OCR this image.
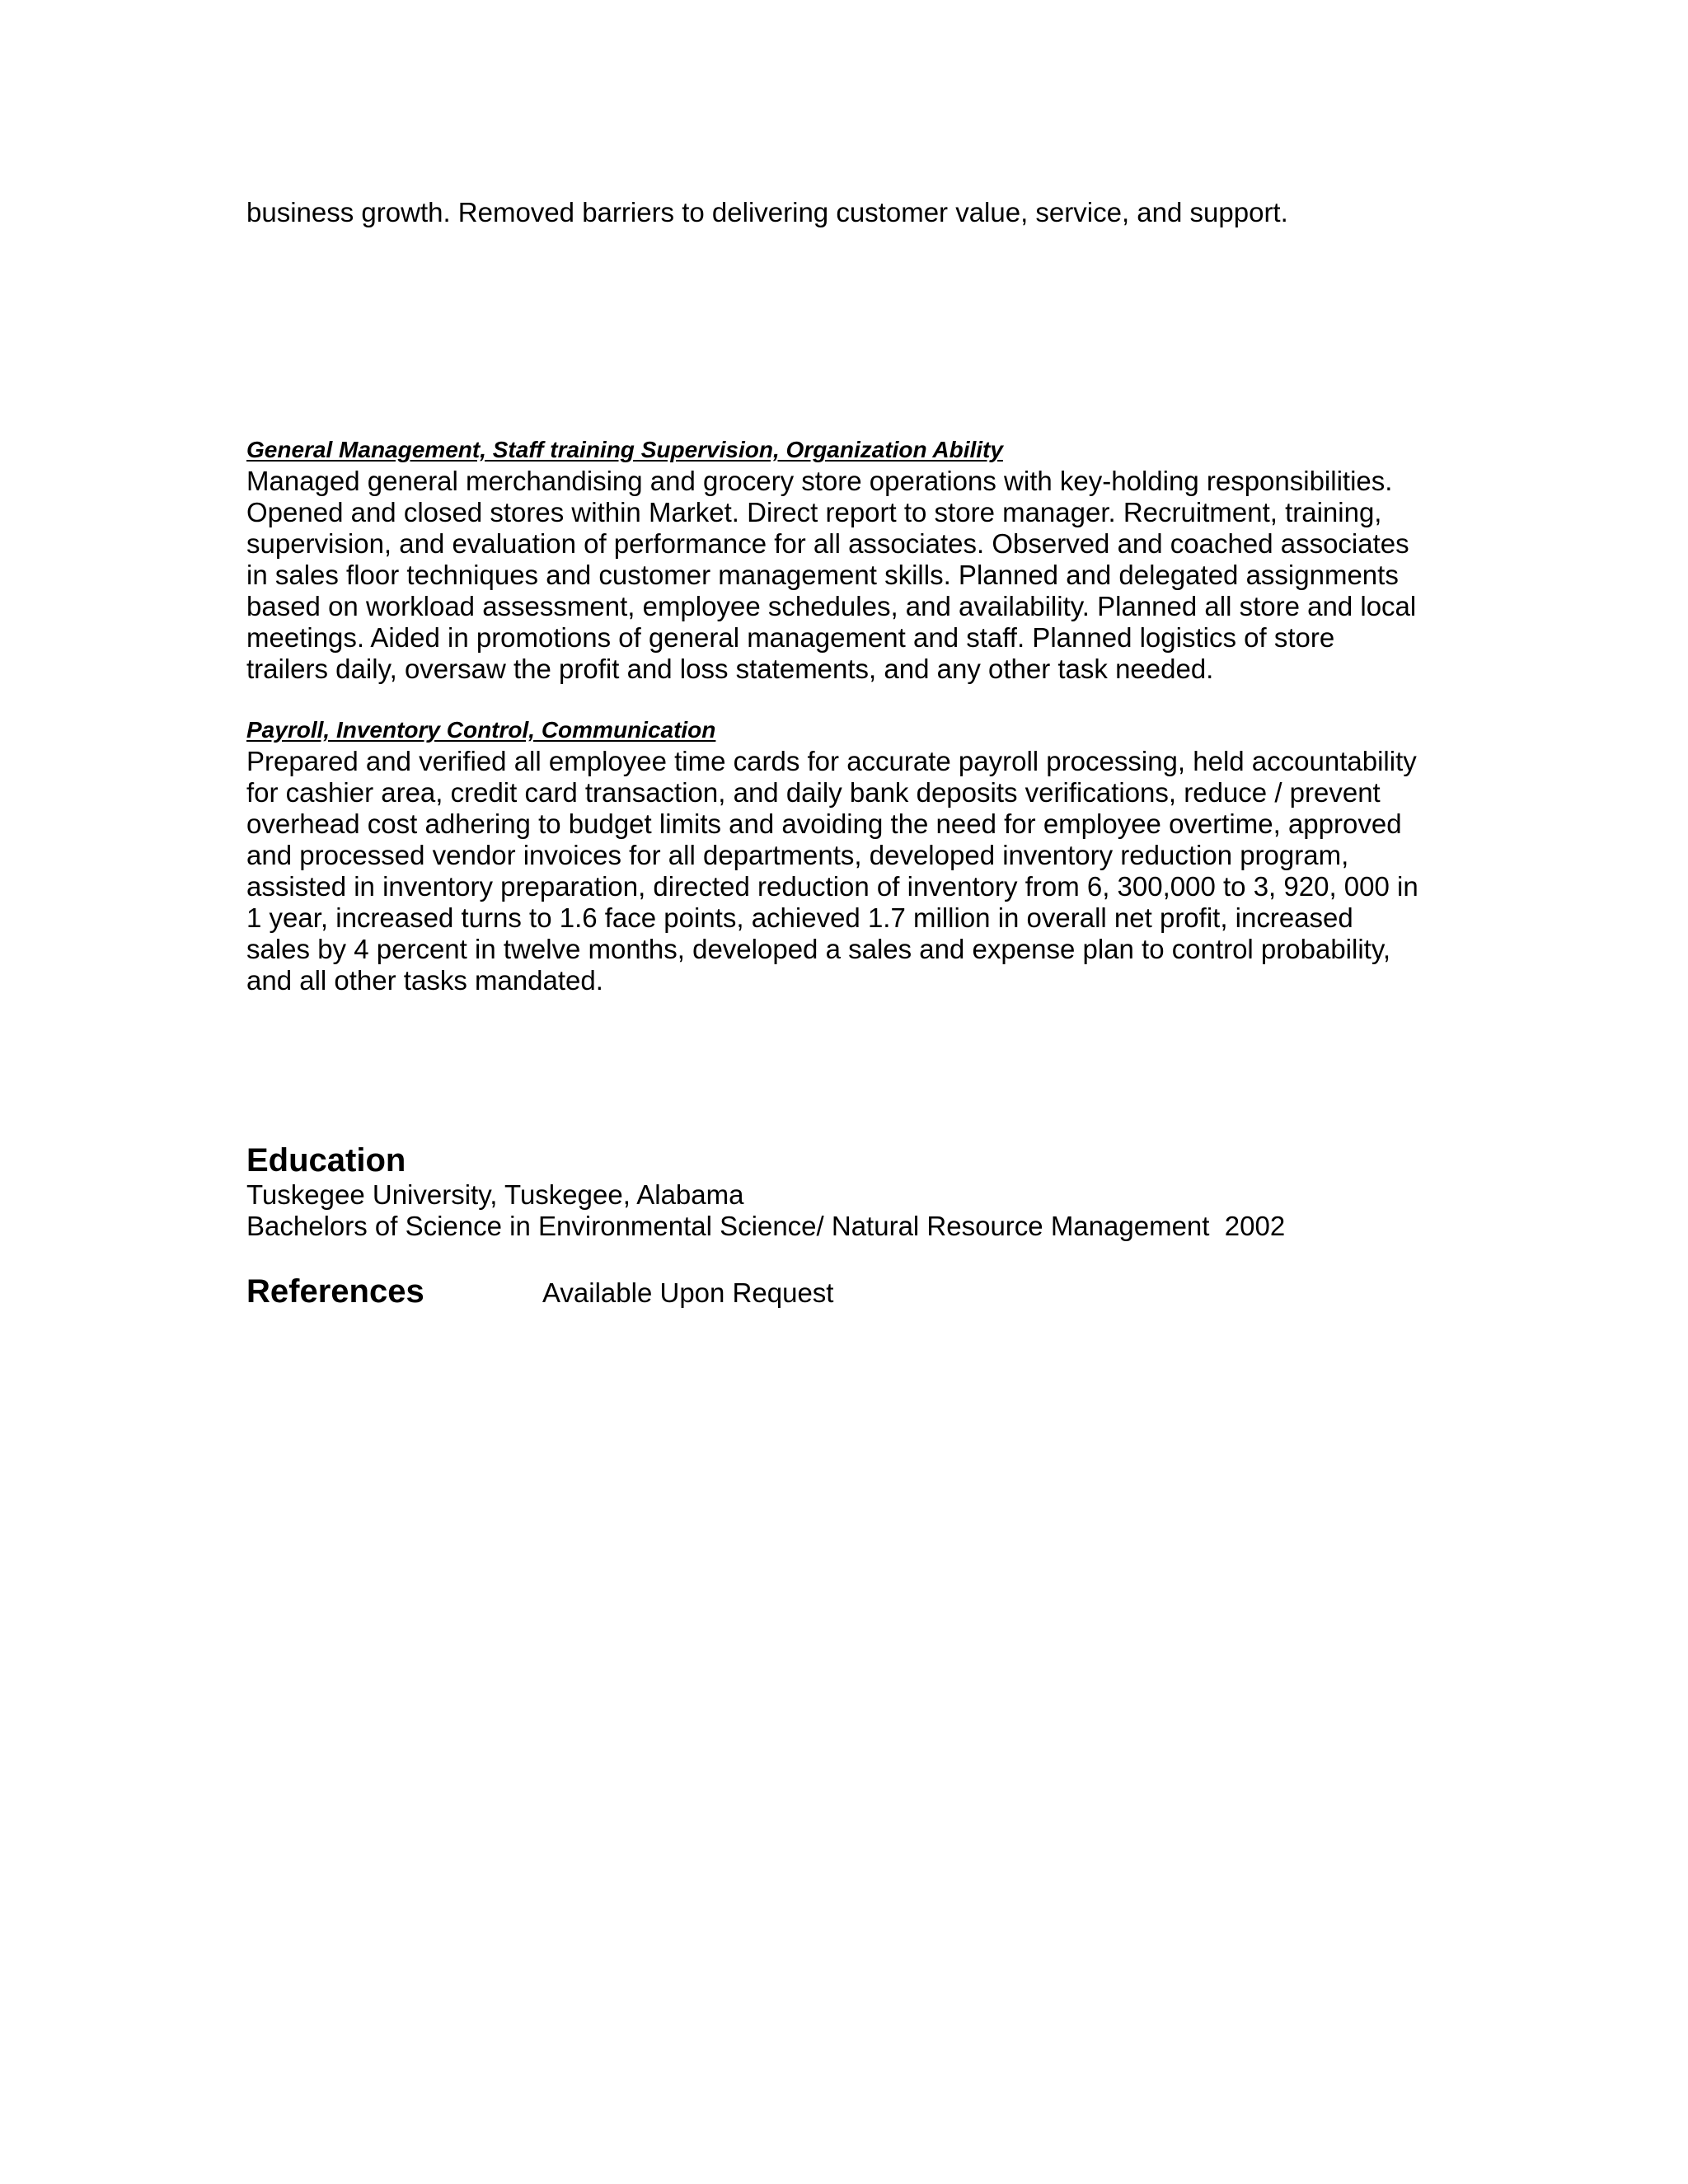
business growth. Removed barriers to delivering customer value, service, and support.
General Management, Staff training Supervision, Organization Ability
Managed general merchandising and grocery store operations with key-holding responsibilities.
Opened and closed stores within Market. Direct report to store manager. Recruitment, training,
supervision, and evaluation of performance for all associates. Observed and coached associates
in sales floor techniques and customer management skills. Planned and delegated assignments
based on workload assessment, employee schedules, and availability. Planned all store and local
meetings. Aided in promotions of general management and staff. Planned logistics of store
trailers daily, oversaw the profit and loss statements, and any other task needed.
Payroll, Inventory Control, Communication
Prepared and verified all employee time cards for accurate payroll processing, held accountability
for cashier area, credit card transaction, and daily bank deposits verifications, reduce / prevent
overhead cost adhering to budget limits and avoiding the need for employee overtime, approved
and processed vendor invoices for all departments, developed inventory reduction program,
assisted in inventory preparation, directed reduction of inventory from 6, 300,000 to 3, 920, 000 in
1 year, increased turns to 1.6 face points, achieved 1.7 million in overall net profit, increased
sales by 4 percent in twelve months, developed a sales and expense plan to control probability,
and all other tasks mandated.
Education
Tuskegee University, Tuskegee, Alabama
Bachelors of Science in Environmental Science/ Natural Resource Management  2002
References	Available Upon Request
